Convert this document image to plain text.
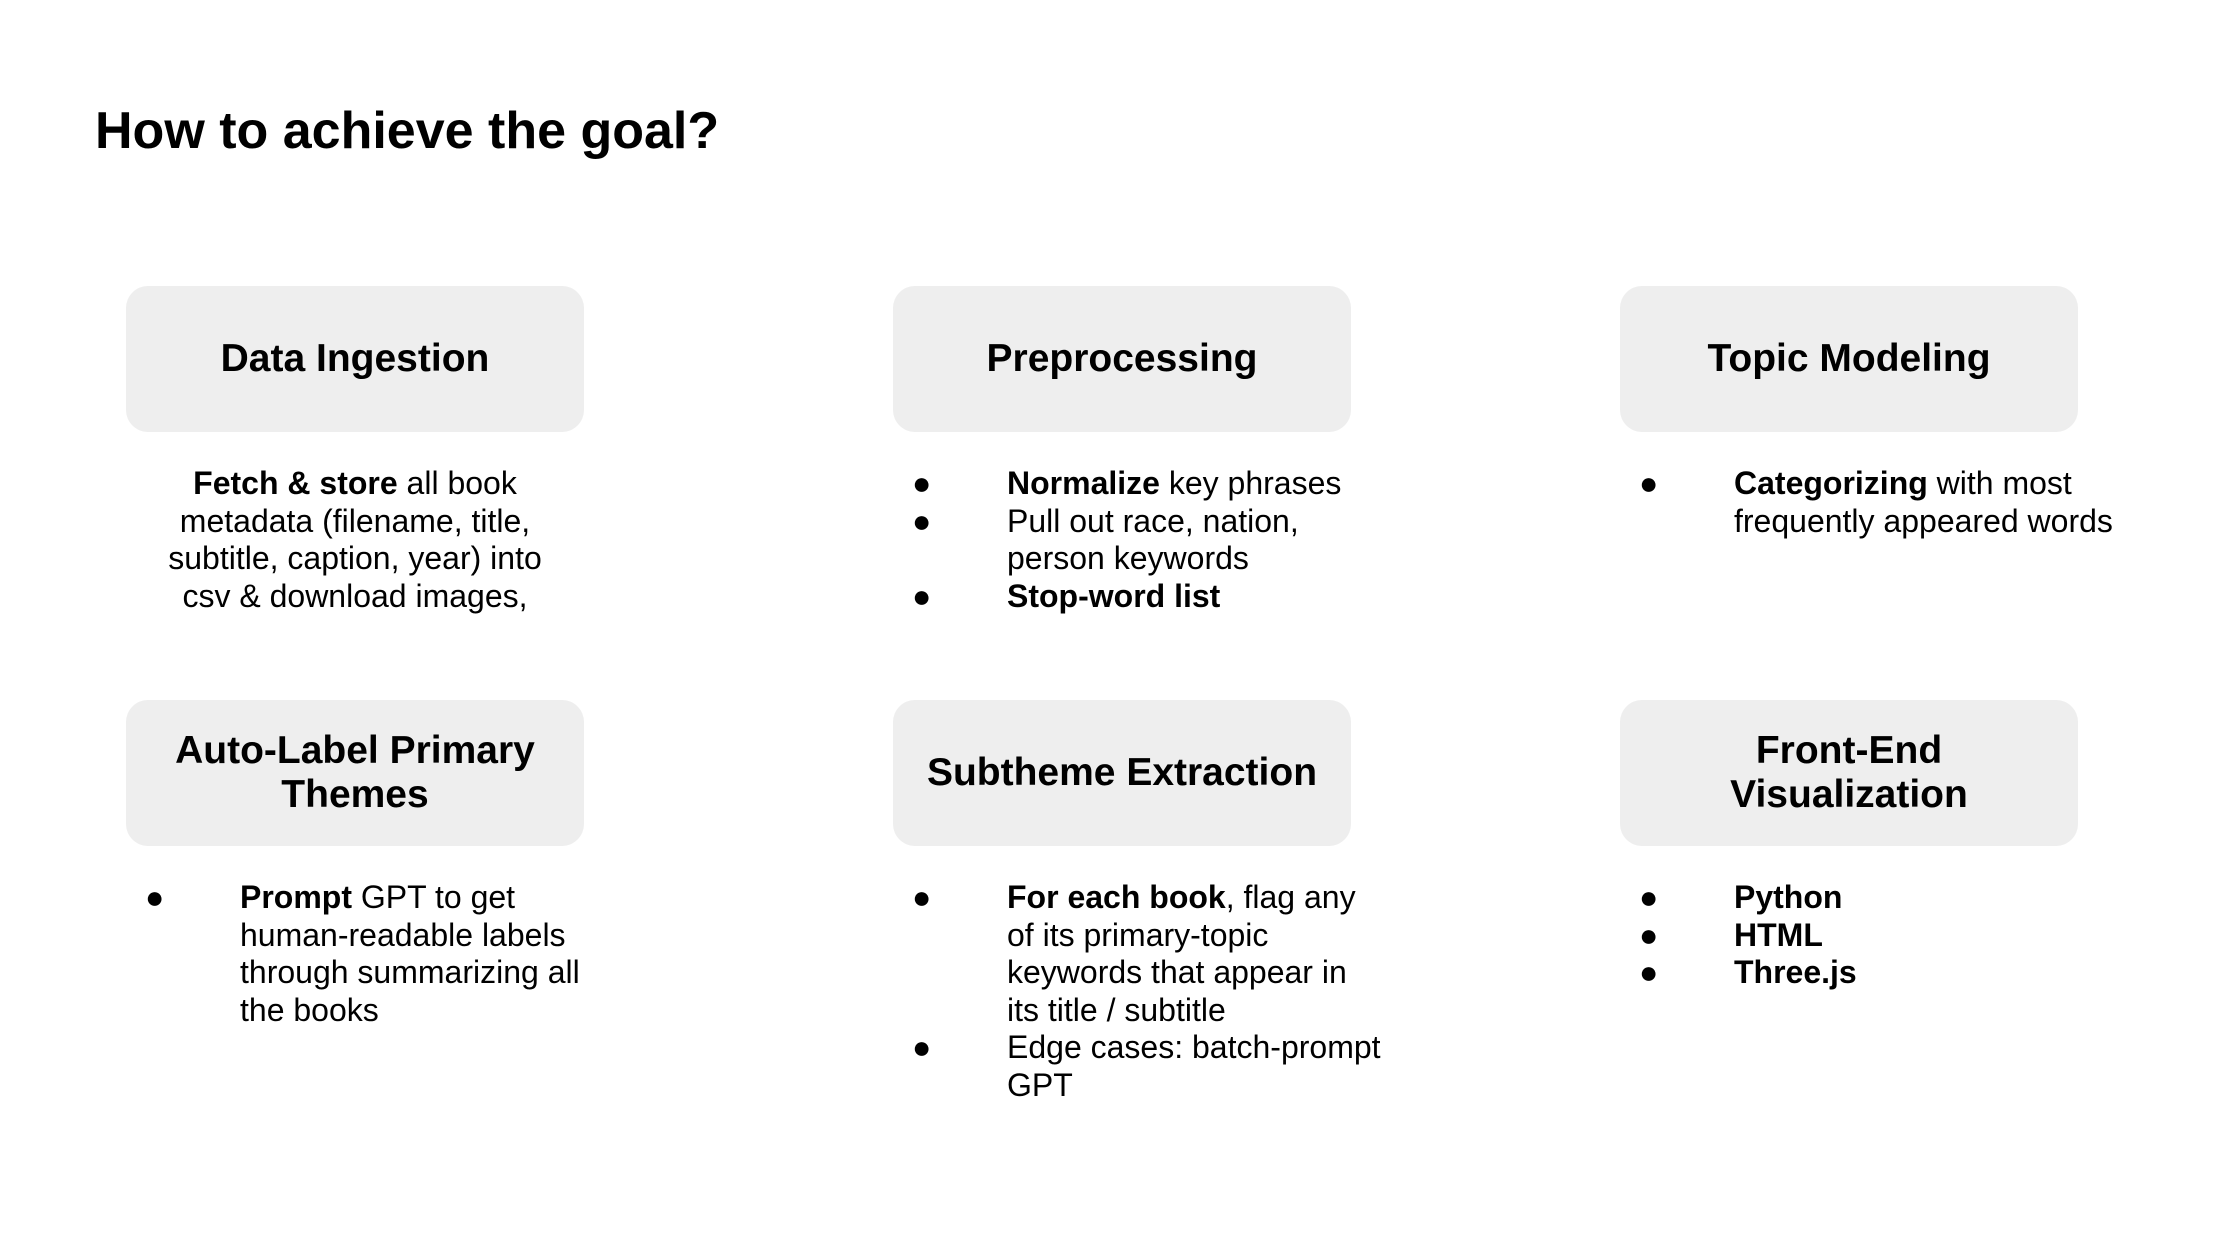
How to achieve the goal?
Data Ingestion
Fetch & store all book metadata (filename, title, subtitle, caption, year) into csv & download images,
Preprocessing
●	Normalize key phrases
●	Pull out race, nation, person keywords
●	Stop-word list
Topic Modeling
●	Categorizing with most frequently appeared words
Auto-Label Primary Themes
●	Prompt GPT to get human-readable labels through summarizing all the books
Subtheme Extraction
●	For each book, flag any of its primary-topic keywords that appear in its title / subtitle
●	Edge cases: batch-prompt GPT
Front-End Visualization
●	Python
●	HTML
●	Three.js
